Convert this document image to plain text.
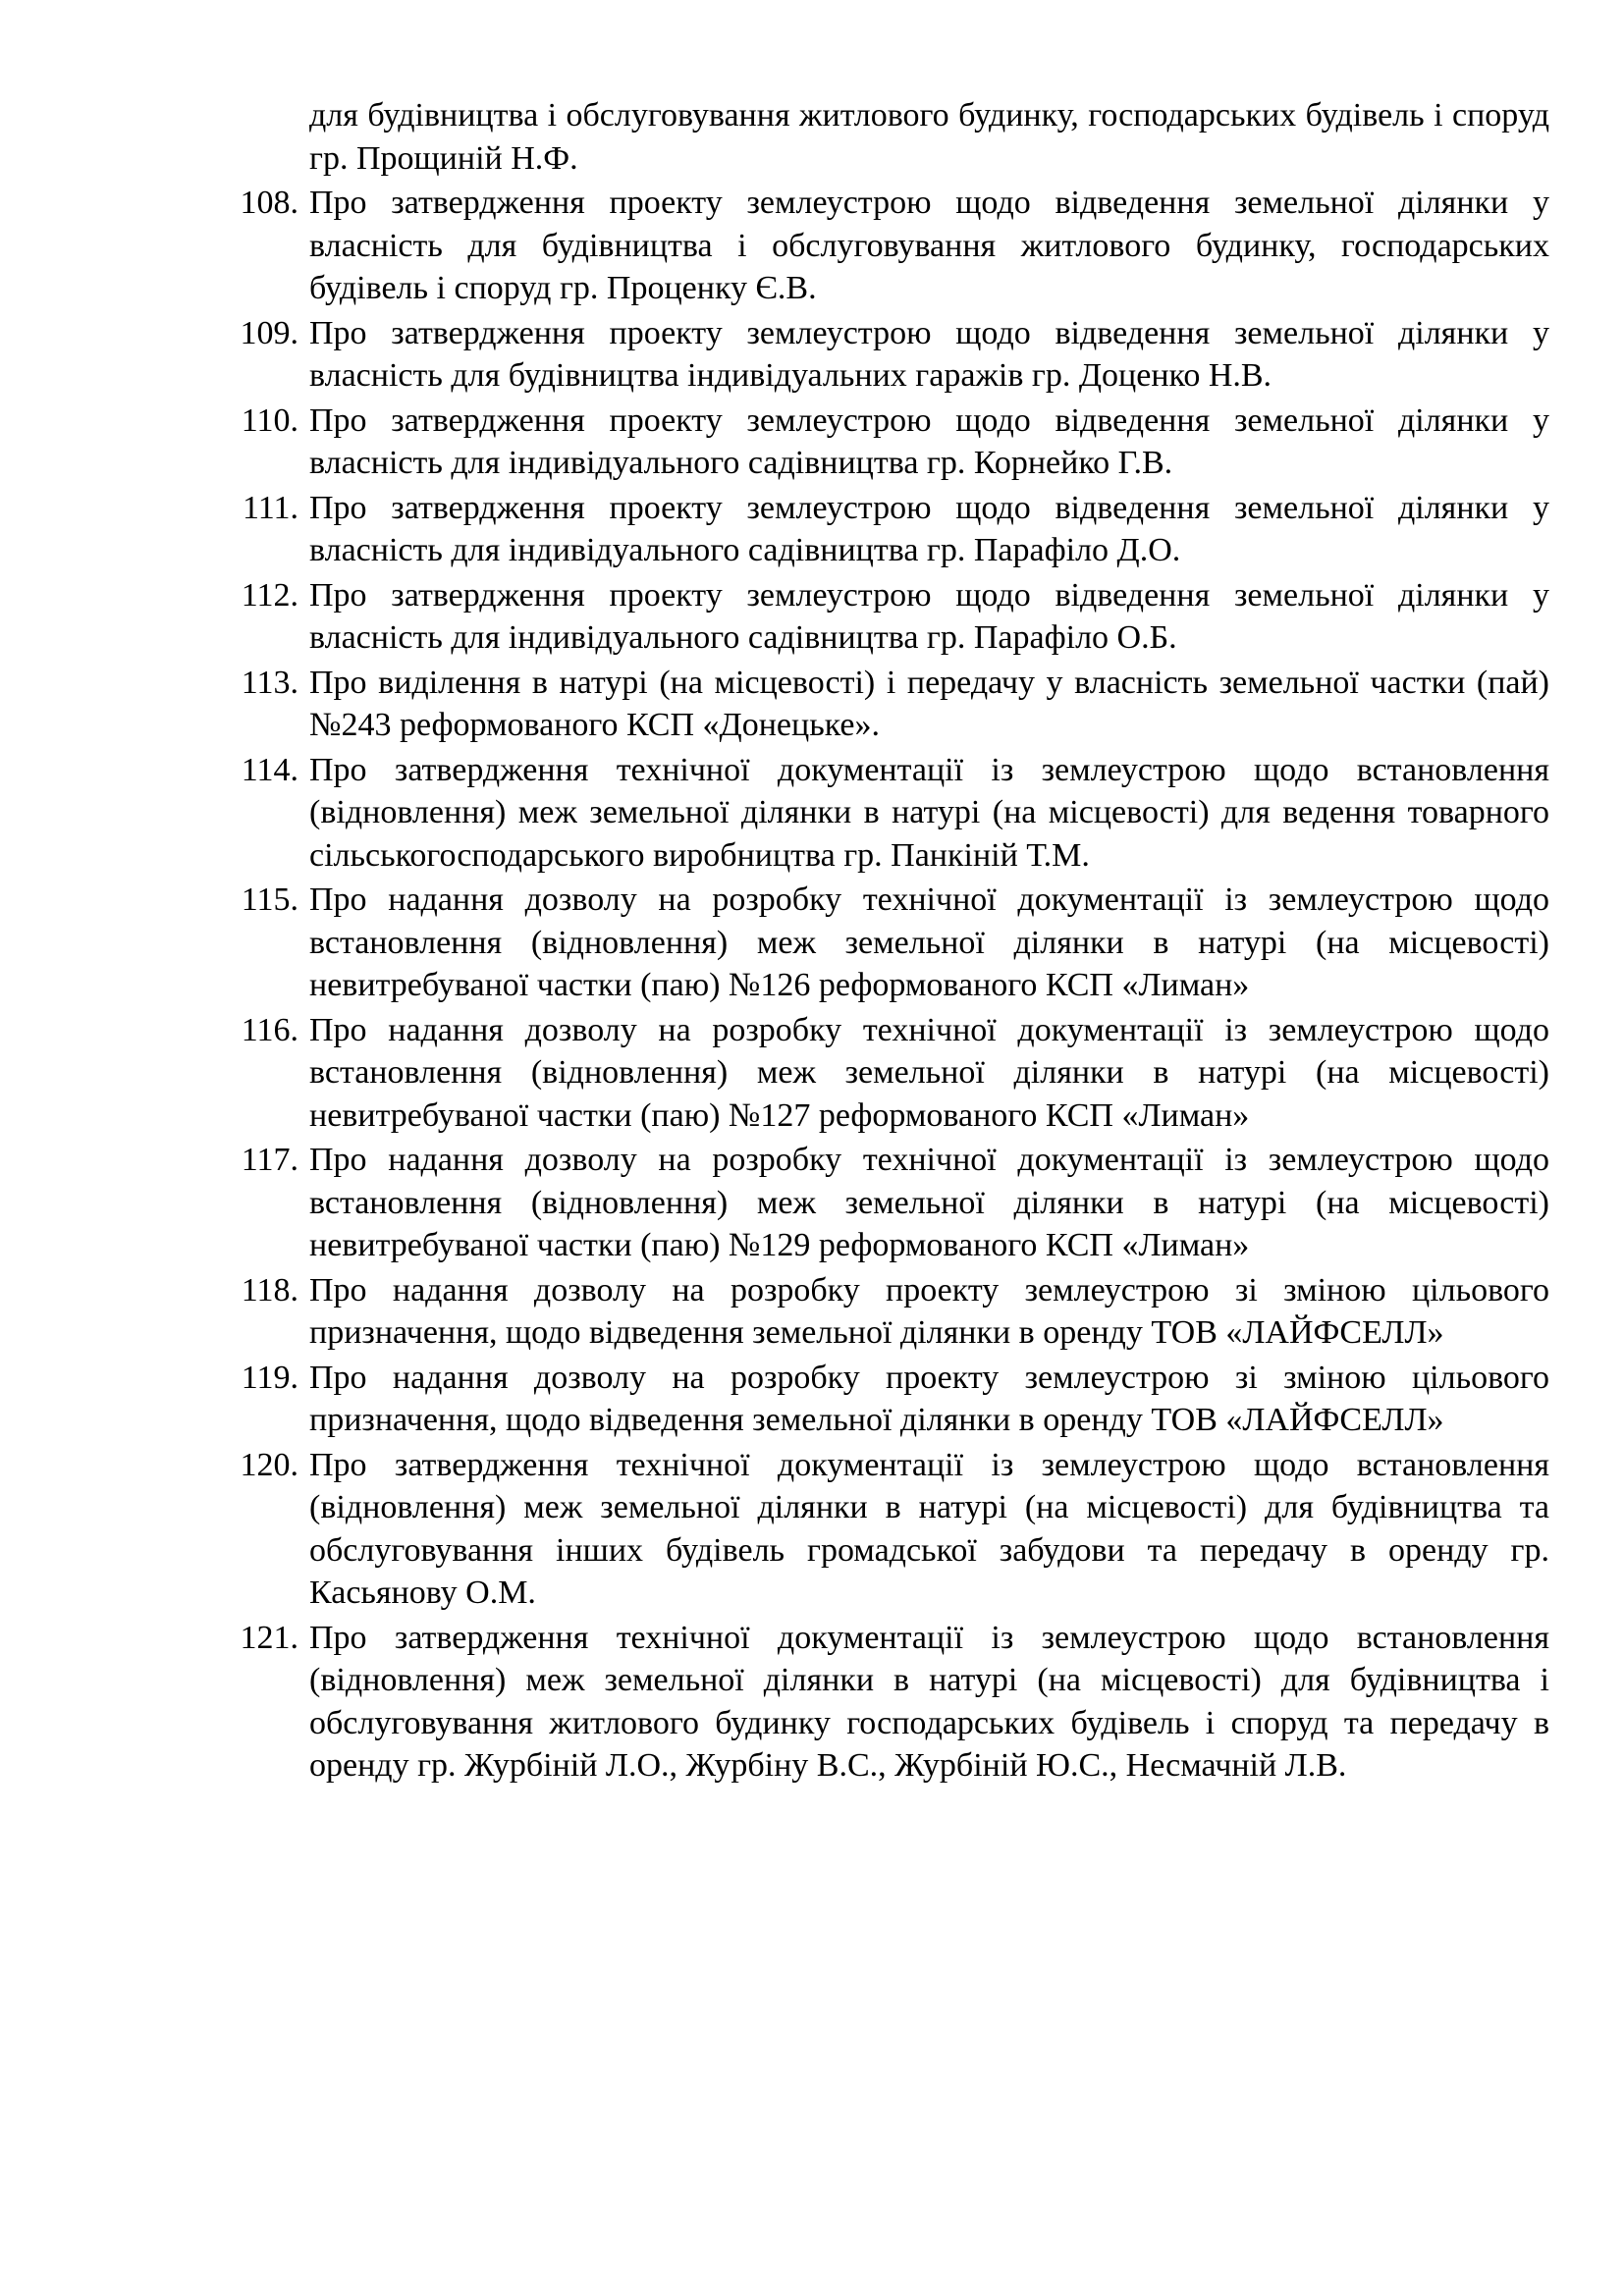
для будівництва і обслуговування житлового будинку, господарських будівель і споруд гр. Прощиній Н.Ф.
108. Про затвердження проекту землеустрою щодо відведення земельної ділянки у власність для будівництва і обслуговування житлового будинку, господарських будівель і споруд гр. Проценку Є.В.
109. Про затвердження проекту землеустрою щодо відведення земельної ділянки у власність для будівництва індивідуальних гаражів гр. Доценко Н.В.
110. Про затвердження проекту землеустрою щодо відведення земельної ділянки у власність для індивідуального садівництва гр. Корнейко Г.В.
111. Про затвердження проекту землеустрою щодо відведення земельної ділянки у власність для індивідуального садівництва гр. Парафіло Д.О.
112. Про затвердження проекту землеустрою щодо відведення земельної ділянки у власність для індивідуального садівництва гр. Парафіло О.Б.
113. Про виділення в натурі (на місцевості) і передачу у власність земельної частки (пай) №243 реформованого КСП «Донецьке».
114. Про затвердження технічної документації із землеустрою щодо встановлення (відновлення) меж земельної ділянки в натурі (на місцевості) для ведення товарного сільськогосподарського виробництва гр. Панкіній Т.М.
115. Про надання дозволу на розробку технічної документації із землеустрою щодо встановлення (відновлення) меж земельної ділянки в натурі (на місцевості) невитребуваної частки (паю) №126 реформованого КСП «Лиман»
116. Про надання дозволу на розробку технічної документації із землеустрою щодо встановлення (відновлення) меж земельної ділянки в натурі (на місцевості) невитребуваної частки (паю) №127 реформованого КСП «Лиман»
117. Про надання дозволу на розробку технічної документації із землеустрою щодо встановлення (відновлення) меж земельної ділянки в натурі (на місцевості) невитребуваної частки (паю) №129 реформованого КСП «Лиман»
118. Про надання дозволу на розробку проекту землеустрою зі зміною цільового призначення, щодо відведення земельної ділянки в оренду ТОВ «ЛАЙФСЕЛЛ»
119. Про надання дозволу на розробку проекту землеустрою зі зміною цільового призначення, щодо відведення земельної ділянки в оренду ТОВ «ЛАЙФСЕЛЛ»
120. Про затвердження технічної документації із землеустрою щодо встановлення (відновлення) меж земельної ділянки в натурі (на місцевості) для будівництва та обслуговування інших будівель громадської забудови та передачу в оренду гр. Касьянову О.М.
121. Про затвердження технічної документації із землеустрою щодо встановлення (відновлення) меж земельної ділянки в натурі (на місцевості) для будівництва і обслуговування житлового будинку господарських будівель і споруд та передачу в оренду гр. Журбіній Л.О., Журбіну В.С., Журбіній Ю.С., Несмачній Л.В.
